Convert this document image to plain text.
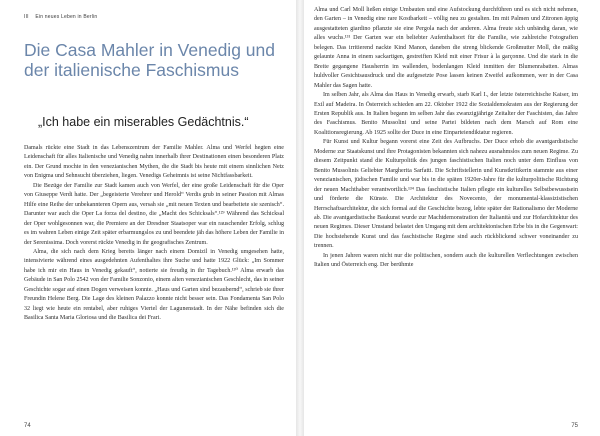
III Ein neues Leben in Berlin
Die Casa Mahler in Venedig und der italienische Faschismus
„Ich habe ein miserables Gedächtnis.“

Damals rückte eine Stadt in das Lebenszentrum der Familie Mahler. Alma und Werfel hegten eine Leidenschaft für alles Italienische und Venedig nahm innerhalb ihrer Destinationen einen besonderen Platz ein. Der Grund mochte in den venezianischen Mythen, die die Stadt bis heute mit einem sinnlichen Netz von Enigma und Sehnsucht überziehen, liegen. Venedigs Geheimnis ist seine Nichtfassbarkeit.

Die Bezüge der Familie zur Stadt kamen auch von Werfel, der eine große Leidenschaft für die Oper von Giuseppe Verdi hatte. Der „begeisterte Verehrer und Herold“ Verdis grub in seiner Passion mit Almas Hilfe eine Reihe der unbekannteren Opern aus, versah sie „mit neuen Texten und bearbeitete sie szenisch“. Darunter war auch die Oper La forza del destino, die „Macht des Schicksals“.¹²⁹ Während das Schicksal der Oper wohlgesonnen war, die Premiere an der Dresdner Staatsoper war ein rauschender Erfolg, schlug es im wahren Leben einige Zeit später erbarmungslos zu und beendete jäh das höhere Leben der Familie in der Serenissima. Doch vorerst rückte Venedig in ihr geografisches Zentrum.

Alma, die sich nach dem Krieg bereits länger nach einem Domizil in Venedig umgesehen hatte, intensivierte während eines ausgedehnten Aufenthaltes ihre Suche und hatte 1922 Glück: „Im Sommer habe ich mir ein Haus in Venedig gekauft“, notierte sie freudig in ihr Tagebuch.¹³⁰ Alma erwarb das Gebäude in San Polo 2542 von der Familie Sonzonio, einem alten venezianischen Geschlecht, das in seiner Geschichte sogar auf einen Dogen verweisen konnte. „Haus und Garten sind bezaubernd“, schrieb sie ihrer Freundin Helene Berg. Die Lage des kleinen Palazzo konnte nicht besser sein. Das Fondamenta San Polo 32 liegt wie heute ein rentabel, aber ruhiges Viertel der Lagunenstadt. In der Nähe befinden sich die Basilica Santa Maria Gloriosa und die Basilica dei Frari.

74

Alma und Carl Moll ließen einige Umbauten und eine Aufstockung durchführen und es sich nicht nehmen, den Garten – in Venedig eine rare Kostbarkeit – völlig neu zu gestalten. Im mit Palmen und Zitronen äppig ausgestatteten giardino pflanzte sie eine Pergola nach der anderen. Alma freute sich unbändig daran, wie alles wuchs.¹³¹ Der Garten war ein beliebter Aufenthaltsort für die Familie, wie zahlreiche Fotografien belegen. Das irritierend nackte Kind Manon, daneben die streng blickende Großmutter Moll, die mäßig gelaunte Anna in einem sackartigen, gestreiften Kleid mit einer Frisur à la garçonne. Und die stark in die Breite gegangene Hausherrin im wallenden, bodenlangen Kleid inmitten der Blumenrabatten. Almas huldvoller Gesichtsausdruck und die aufgesetzte Pose lassen keinen Zweifel aufkommen, wer in der Casa Mahler das Sagen hatte.

Im selben Jahr, als Alma das Haus in Venedig erwarb, starb Karl I., der letzte österreichische Kaiser, im Exil auf Madeira. In Österreich schieden am 22. Oktober 1922 die Sozialdemokraten aus der Regierung der Ersten Republik aus. In Italien begann im selben Jahr das zwanzigjährige Zeitalter der Faschisten, das Jahre des Faschismus. Benito Mussolini und seine Partei bildeten nach dem Marsch auf Rom eine Koalitionsregierung. Ab 1925 sollte der Duce in eine Einparteiendiktatur regieren.

Für Kunst und Kultur begann vorerst eine Zeit des Aufbruchs. Der Duce erhob die avantgardistische Moderne zur Staatskunst und ihre Protagonisten bekannten sich nahezu ausnahmslos zum neuen Regime. Zu diesem Zeitpunkt stand die Kulturpolitik des jungen faschistischen Italien noch unter dem Einfluss von Benito Mussolinis Geliebter Margherita Sarfatti. Die Schriftstellerin und Kunstkritikerin stammte aus einer venezianischen, jüdischen Familie und war bis in die späten 1920er-Jahre für die kulturpolitische Richtung der neuen Machthaber verantwortlich.¹³⁴ Das faschistische Italien pflegte ein kulturelles Selbstbewusstsein und förderte die Künste. Die Architektur des Novecento, der monumental-klassizistischen Herrschaftsarchitektur, die sich formal auf die Geschichte bezog, lebte später der Rationalismo der Moderne ab. Die avantgardistische Baukunst wurde zur Machtdemonstration der Italianità und zur Hofarchitektur des neuen Regimes. Dieser Umstand belastet den Umgang mit dem architektonischen Erbe bis in die Gegenwart: Die hochstehende Kunst und das faschistische Regime sind auch rückblickend schwer voneinander zu trennen.

In jenen Jahren waren nicht nur die politischen, sondern auch die kulturellen Verflechtungen zwischen Italien und Österreich eng. Der berühmte

75
